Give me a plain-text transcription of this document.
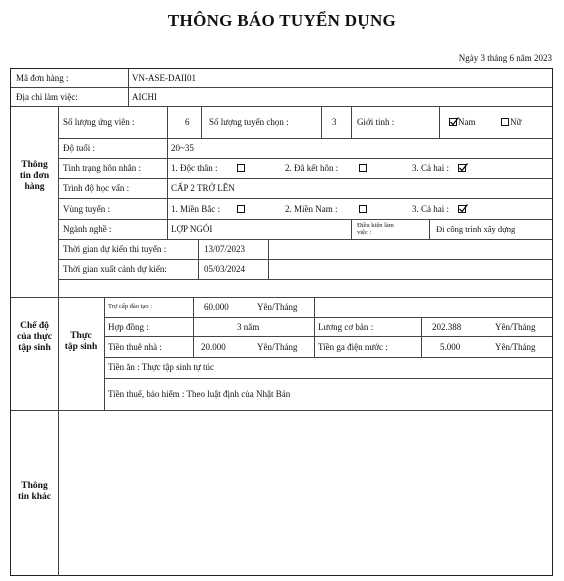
THÔNG BÁO TUYỂN DỤNG
Ngày 3 tháng 6 năm 2023
Mã đơn hàng :	VN-ASE-DAII01
Địa chỉ làm việc:	AICHI
Thông
tin đơn
hàng
Số lượng ứng viên :	6 Số lượng tuyển chọn :	3 Giới tính :	Nam	Nữ
Độ tuổi :	20~35
Tình trạng hôn nhân :	1. Độc thân :	2. Đã kết hôn :	3. Cả hai :
Trình độ học vấn :	CẤP 2 TRỞ LÊN
Vùng tuyển :	1. Miền Bắc :	2. Miền Nam :	3. Cả hai :
Ngành nghề :	LỢP NGÓI	Điều kiện làm
việc :	Đi công trình xây dựng
Thời gian dự kiến thi tuyển :	13/07/2023
Thời gian xuất cảnh dự kiến:	05/03/2024
Chế độ
của thực
tập sinh
Thực
tập sinh
Trợ cấp đào tạo :	60.000	Yên/Tháng
Hợp đồng :	3 năm	Lương cơ bản :	202.388	Yên/Tháng
Tiền thuê nhà :	20.000	Yên/Tháng Tiền ga điện nước :	5.000	Yên/Tháng
Tiền ăn : Thực tập sinh tự túc
Tiền thuế, bảo hiểm : Theo luật định của Nhật Bản
Thông
tin khác
